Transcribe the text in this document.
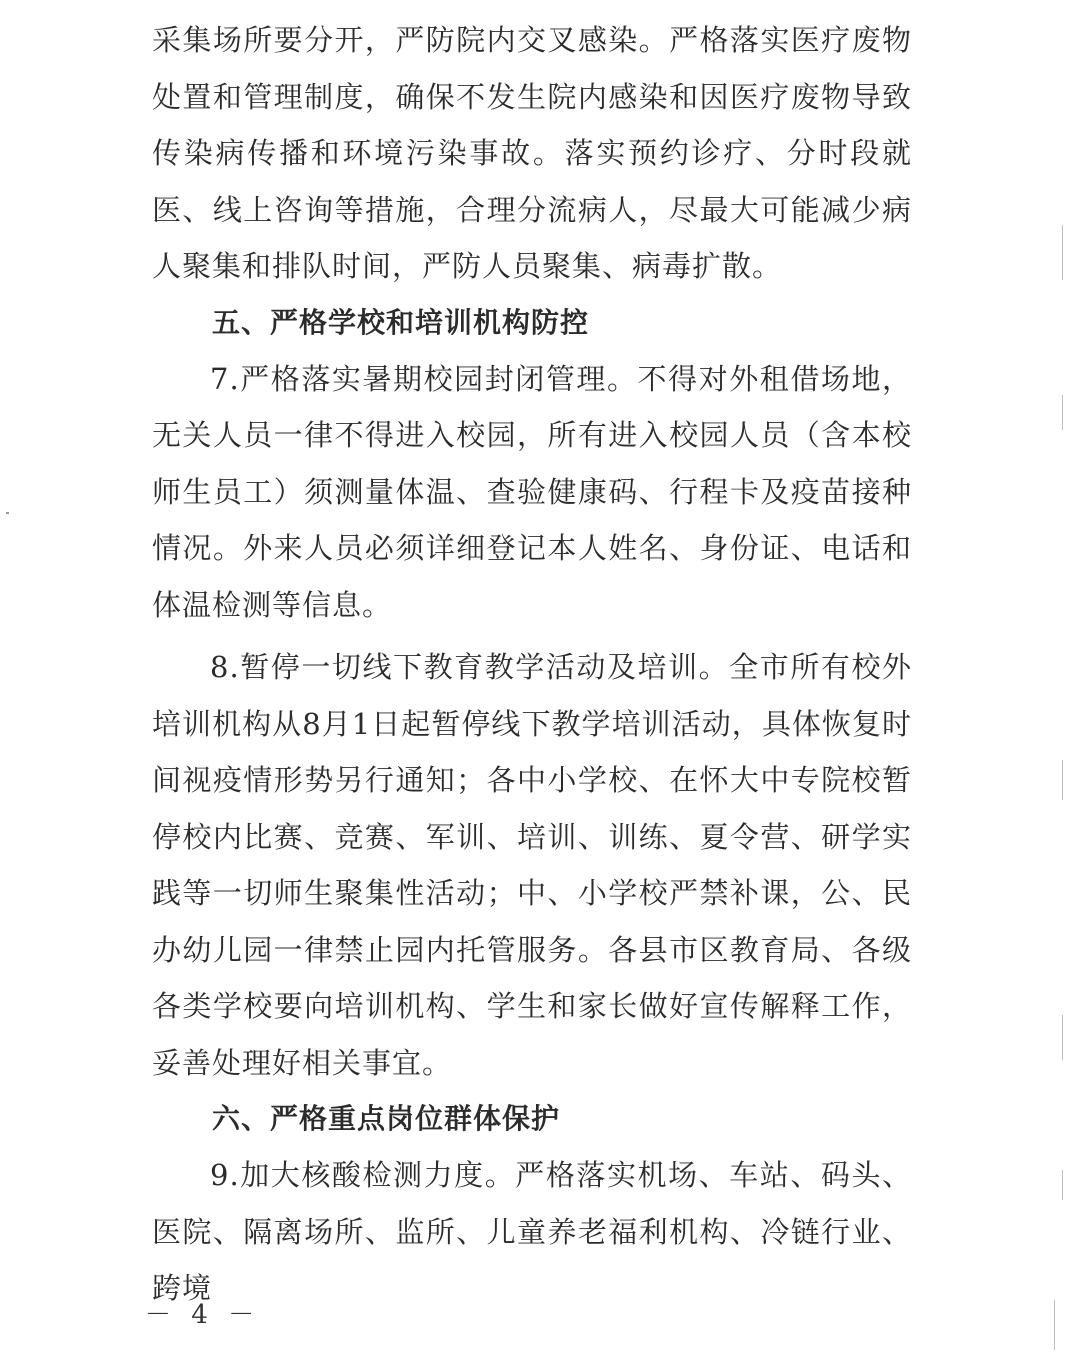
采集场所要分开，严防院内交叉感染。严格落实医疗废物处置和管理制度，确保不发生院内感染和因医疗废物导致传染病传播和环境污染事故。落实预约诊疗、分时段就医、线上咨询等措施，合理分流病人，尽最大可能减少病人聚集和排队时间，严防人员聚集、病毒扩散。

五、严格学校和培训机构防控

7.严格落实暑期校园封闭管理。不得对外租借场地，无关人员一律不得进入校园，所有进入校园人员（含本校师生员工）须测量体温、查验健康码、行程卡及疫苗接种情况。外来人员必须详细登记本人姓名、身份证、电话和体温检测等信息。

8.暂停一切线下教育教学活动及培训。全市所有校外培训机构从8月1日起暂停线下教学培训活动，具体恢复时间视疫情形势另行通知；各中小学校、在怀大中专院校暂停校内比赛、竞赛、军训、培训、训练、夏令营、研学实践等一切师生聚集性活动；中、小学校严禁补课，公、民办幼儿园一律禁止园内托管服务。各县市区教育局、各级各类学校要向培训机构、学生和家长做好宣传解释工作，妥善处理好相关事宜。

六、严格重点岗位群体保护

9.加大核酸检测力度。严格落实机场、车站、码头、医院、隔离场所、监所、儿童养老福利机构、冷链行业、跨境

－ 4 －
